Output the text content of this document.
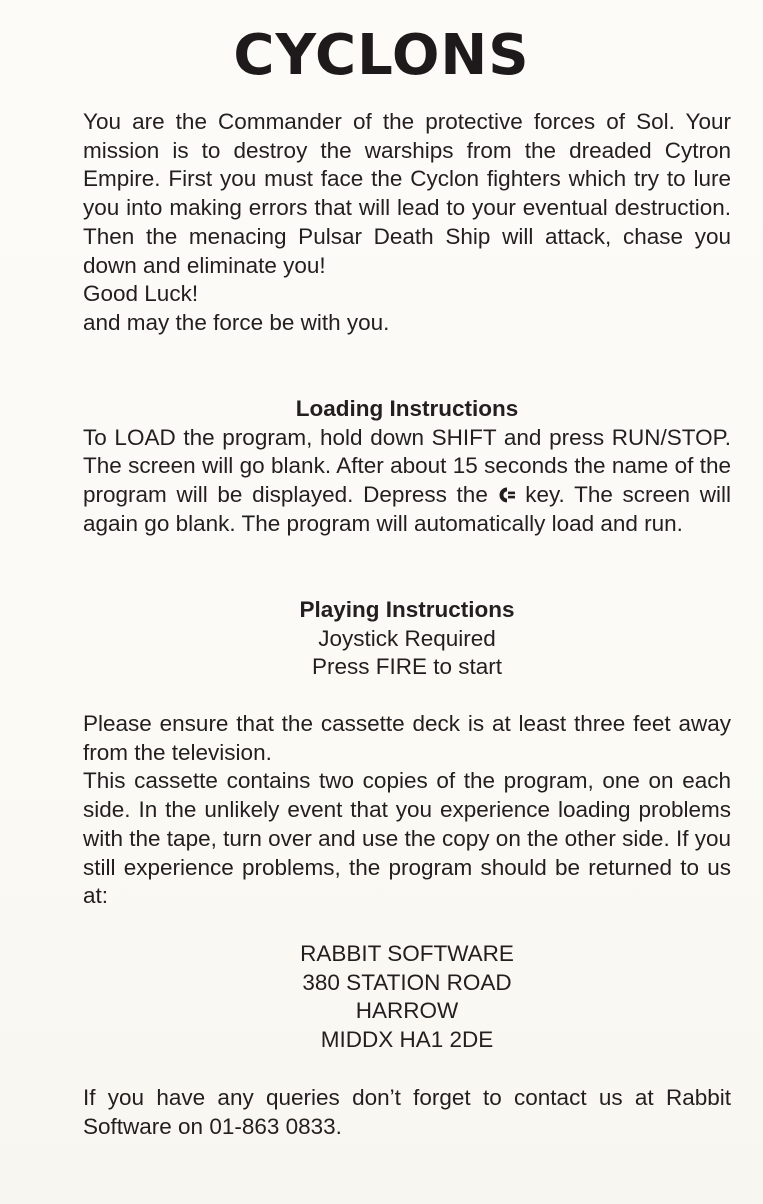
CYCLONS

You are the Commander of the protective forces of Sol. Your mission is to destroy the warships from the dreaded Cytron Empire. First you must face the Cyclon fighters which try to lure you into making errors that will lead to your eventual destruction. Then the menacing Pulsar Death Ship will attack, chase you down and eliminate you!

Good Luck!
and may the force be with you.
Loading Instructions

To LOAD the program, hold down SHIFT and press RUN/STOP. The screen will go blank. After about 15 seconds the name of the program will be displayed. Depress the key. The screen will again go blank. The program will automatically load and run.

Playing Instructions
Joystick Required
Press FIRE to start

Please ensure that the cassette deck is at least three feet away from the television.

This cassette contains two copies of the program, one on each side. In the unlikely event that you experience loading problems with the tape, turn over and use the copy on the other side. If you still experience problems, the program should be returned to us at:

RABBIT SOFTWARE
380 STATION ROAD
HARROW
MIDDX HA1 2DE

If you have any queries don’t forget to contact us at Rabbit Software on 01-863 0833.
